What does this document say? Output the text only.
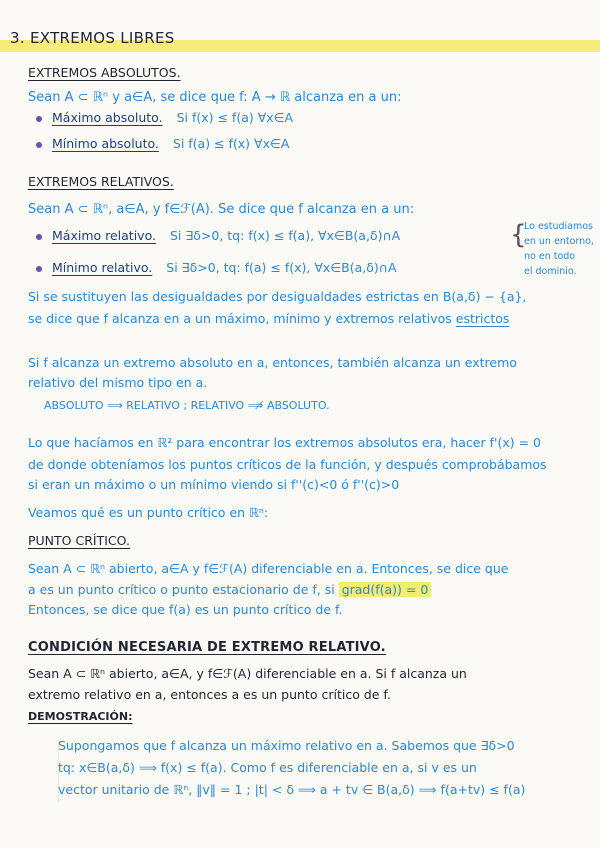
3. EXTREMOS LIBRES
EXTREMOS ABSOLUTOS.
Sean A ⊂ ℝⁿ y a∈A, se dice que f: A → ℝ alcanza en a un:
Máximo absoluto. Si f(x) ≤ f(a) ∀x∈A
Mínimo absoluto. Si f(a) ≤ f(x) ∀x∈A
EXTREMOS RELATIVOS.
Sean A ⊂ ℝⁿ, a∈A, y f∈ℱ(A). Se dice que f alcanza en a un:
Máximo relativo. Si ∃δ>0, tq: f(x) ≤ f(a), ∀x∈B(a,δ)∩A
Mínimo relativo. Si ∃δ>0, tq: f(a) ≤ f(x), ∀x∈B(a,δ)∩A
{
Lo estudiamos
en un entorno,
no en todo
el dominio.
Si se sustituyen las desigualdades por desigualdades estrictas en B(a,δ) − {a},
se dice que f alcanza en a un máximo, mínimo y extremos relativos estrictos
Si f alcanza un extremo absoluto en a, entonces, también alcanza un extremo
relativo del mismo tipo en a.
ABSOLUTO ⟹ RELATIVO ; RELATIVO ⟹̸ ABSOLUTO.
Lo que hacíamos en ℝ² para encontrar los extremos absolutos era, hacer f'(x) = 0
de donde obteníamos los puntos críticos de la función, y después comprobábamos
si eran un máximo o un mínimo viendo si f''(c)<0 ó f''(c)>0
Veamos qué es un punto crítico en ℝⁿ:
PUNTO CRÍTICO.
Sean A ⊂ ℝⁿ abierto, a∈A y f∈ℱ(A) diferenciable en a. Entonces, se dice que
a es un punto crítico o punto estacionario de f, si grad(f(a)) = 0
Entonces, se dice que f(a) es un punto crítico de f.
CONDICIÓN NECESARIA DE EXTREMO RELATIVO.
Sean A ⊂ ℝⁿ abierto, a∈A, y f∈ℱ(A) diferenciable en a. Si f alcanza un
extremo relativo en a, entonces a es un punto crítico de f.
DEMOSTRACIÓN:
Supongamos que f alcanza un máximo relativo en a. Sabemos que ∃δ>0
tq: x∈B(a,δ) ⟹ f(x) ≤ f(a). Como f es diferenciable en a, si v es un
vector unitario de ℝⁿ, ‖v‖ = 1 ; |t| < δ ⟹ a + tv ∈ B(a,δ) ⟹ f(a+tv) ≤ f(a)
